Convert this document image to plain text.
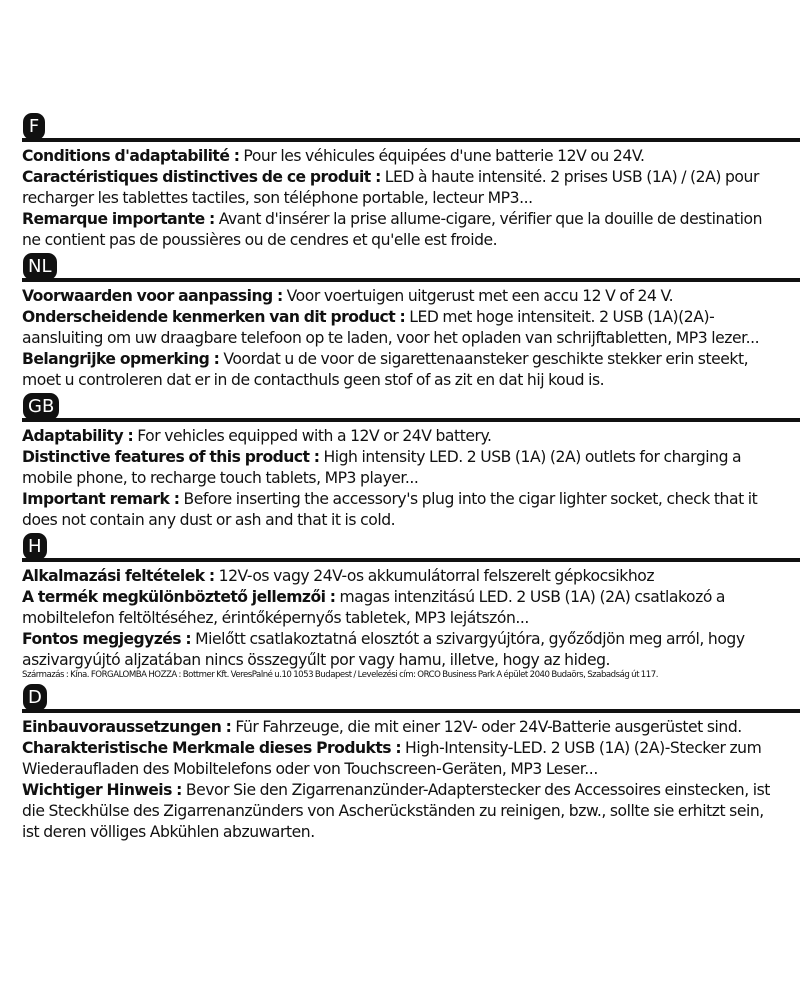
F

Conditions d'adaptabilité : Pour les véhicules équipées d'une batterie 12V ou 24V.

Caractéristiques distinctives de ce produit : LED à haute intensité. 2 prises USB (1A) / (2A) pour recharger les tablettes tactiles, son téléphone portable, lecteur MP3...

Remarque importante : Avant d'insérer la prise allume-cigare, vérifier que la douille de destination ne contient pas de poussières ou de cendres et qu'elle est froide.

NL

Voorwaarden voor aanpassing : Voor voertuigen uitgerust met een accu 12 V of 24 V.

Onderscheidende kenmerken van dit product : LED met hoge intensiteit. 2 USB (1A)(2A)-aansluiting om uw draagbare telefoon op te laden, voor het opladen van schrijftabletten, MP3 lezer...

Belangrijke opmerking : Voordat u de voor de sigarettenaansteker geschikte stekker erin steekt, moet u controleren dat er in de contacthuls geen stof of as zit en dat hij koud is.

GB

Adaptability : For vehicles equipped with a 12V or 24V battery.

Distinctive features of this product : High intensity LED. 2 USB (1A) (2A) outlets for charging a mobile phone, to recharge touch tablets, MP3 player...

Important remark : Before inserting the accessory's plug into the cigar lighter socket, check that it does not contain any dust or ash and that it is cold.

H

Alkalmazási feltételek : 12V-os vagy 24V-os akkumulátorral felszerelt gépkocsikhoz

A termék megkülönböztető jellemzői : magas intenzitású LED. 2 USB (1A) (2A) csatlakozó a mobiltelefon feltöltéséhez, érintőképernyős tabletek, MP3 lejátszón...

Fontos megjegyzés : Mielőtt csatlakoztatná elosztót a szivargyújtóra, győződjön meg arról, hogy aszivargyújtó aljzatában nincs összegyűlt por vagy hamu, illetve, hogy az hideg.

Származás : Kína. FORGALOMBA HOZZA : Bottmer Kft. VeresPalné u.10 1053 Budapest / Levelezési cím: ORCO Business Park A épület 2040 Budaörs, Szabadság út 117.

D

Einbauvoraussetzungen : Für Fahrzeuge, die mit einer 12V- oder 24V-Batterie ausgerüstet sind.

Charakteristische Merkmale dieses Produkts : High-Intensity-LED. 2 USB (1A) (2A)-Stecker zum Wiederaufladen des Mobiltelefons oder von Touchscreen-Geräten, MP3 Leser...

Wichtiger Hinweis : Bevor Sie den Zigarrenanzünder-Adapterstecker des Accessoires einstecken, ist die Steckhülse des Zigarrenanzünders von Ascherückständen zu reinigen, bzw., sollte sie erhitzt sein, ist deren völliges Abkühlen abzuwarten.
